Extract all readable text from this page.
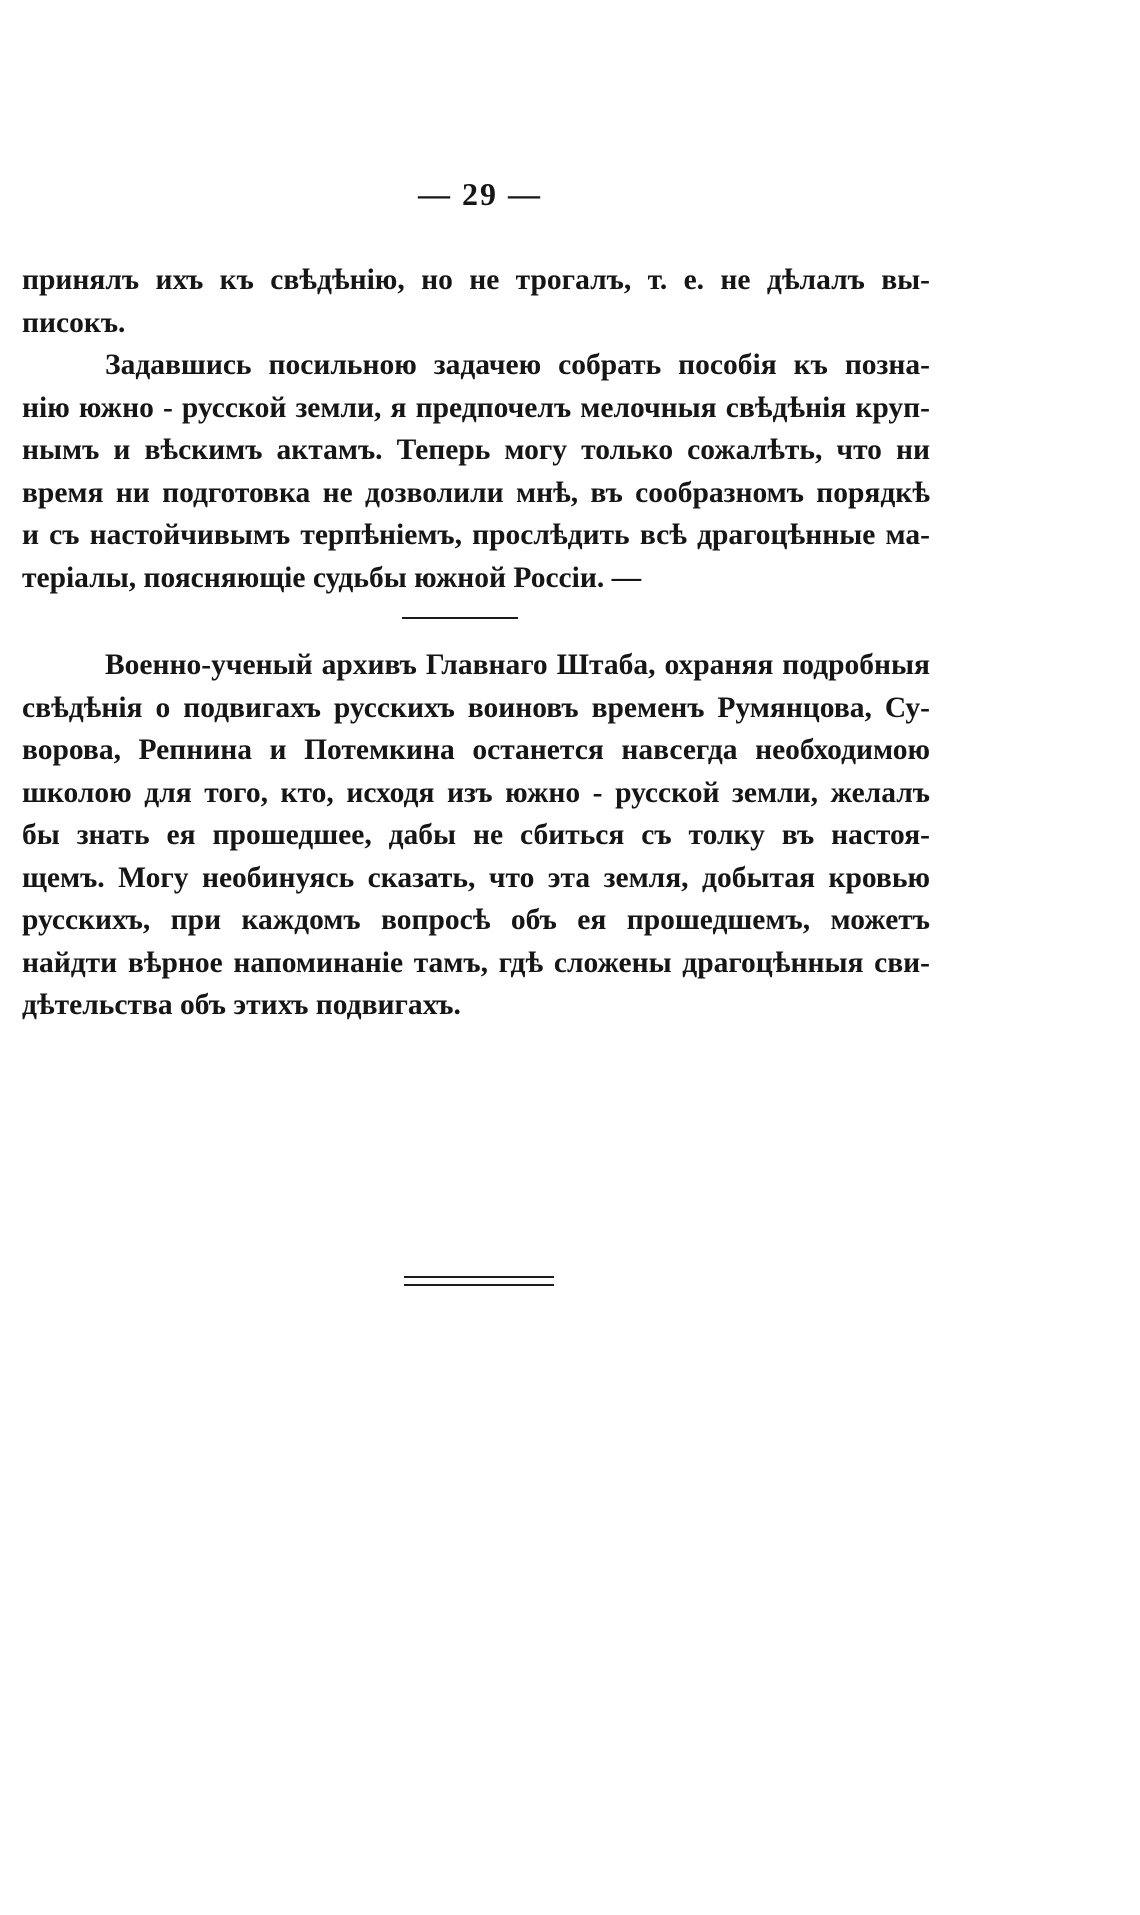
— 29 —
принялъ ихъ къ свѣдѣнію, но не трогалъ, т. е. не дѣлалъ вы-
писокъ.
Задавшись посильною задачею собрать пособія къ позна-
нію южно - русской земли, я предпочелъ мелочныя свѣдѣнія круп-
нымъ и вѣскимъ актамъ. Теперь могу только сожалѣть, что ни
время ни подготовка не дозволили мнѣ, въ сообразномъ порядкѣ
и съ настойчивымъ терпѣніемъ, прослѣдить всѣ драгоцѣнные ма-
теріалы, поясняющіе судьбы южной Россіи. —
Военно-ученый архивъ Главнаго Штаба, охраняя подробныя
свѣдѣнія о подвигахъ русскихъ воиновъ временъ Румянцова, Су-
ворова, Репнина и Потемкина останется навсегда необходимою
школою для того, кто, исходя изъ южно - русской земли, желалъ
бы знать ея прошедшее, дабы не сбиться съ толку въ настоя-
щемъ. Могу необинуясь сказать, что эта земля, добытая кровью
русскихъ, при каждомъ вопросѣ объ ея прошедшемъ, можетъ
найдти вѣрное напоминаніе тамъ, гдѣ сложены драгоцѣнныя сви-
дѣтельства объ этихъ подвигахъ.
